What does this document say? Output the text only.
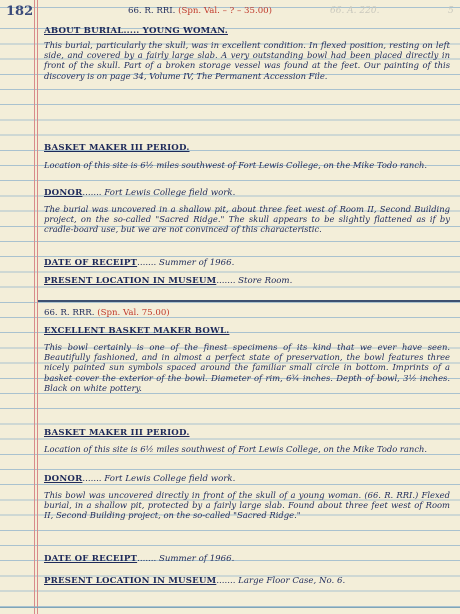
182	66. A. 220.	5
66. R. RRI. (Spn. Val. – ? – 35.00)
ABOUT BURIAL..... YOUNG WOMAN.
This burial, particularly the skull, was in excellent condition. In flexed position, resting on left side, and covered by a fairly large slab. A very outstanding bowl had been placed directly in front of the skull. Part of a broken storage vessel was found at the feet. Our painting of this discovery is on page 34, Volume IV, The Permanent Accession File.
BASKET MAKER III PERIOD.
Location of this site is 6½ miles southwest of Fort Lewis College, on the Mike Todo ranch.
DONOR....... Fort Lewis College field work.
The burial was uncovered in a shallow pit, about three feet west of Room II, Second Building project, on the so-called "Sacred Ridge." The skull appears to be slightly flattened as if by cradle-board use, but we are not convinced of this characteristic.
DATE OF RECEIPT....... Summer of 1966.
PRESENT LOCATION IN MUSEUM....... Store Room.
66. R. RRR. (Spn. Val. 75.00)
EXCELLENT BASKET MAKER BOWL.
This bowl certainly is one of the finest specimens of its kind that we ever have seen. Beautifully fashioned, and in almost a perfect state of preservation, the bowl features three nicely painted sun symbols spaced around the familiar small circle in bottom. Imprints of a basket cover the exterior of the bowl. Diameter of rim, 6¾ inches. Depth of bowl, 3½ inches. Black on white pottery.
BASKET MAKER III PERIOD.
Location of this site is 6½ miles southwest of Fort Lewis College, on the Mike Todo ranch.
DONOR....... Fort Lewis College field work.
This bowl was uncovered directly in front of the skull of a young woman. (66. R. RRI.) Flexed burial, in a shallow pit, protected by a fairly large slab. Found about three feet west of Room II, Second Building project, on the so-called "Sacred Ridge."
DATE OF RECEIPT....... Summer of 1966.
PRESENT LOCATION IN MUSEUM....... Large Floor Case, No. 6.
